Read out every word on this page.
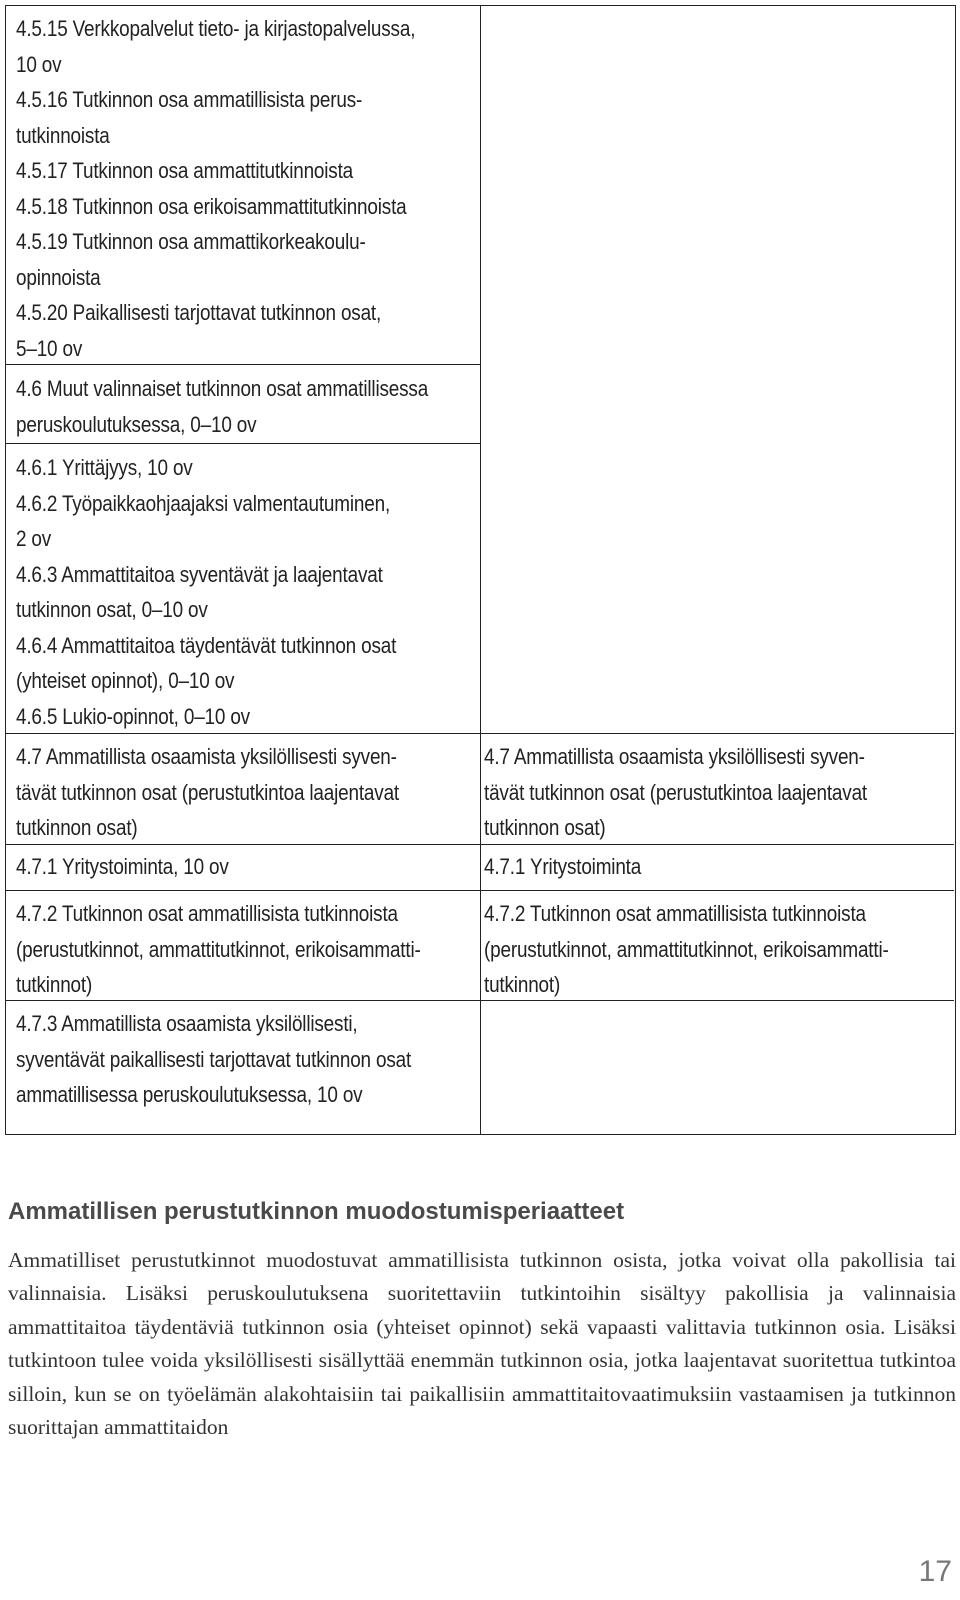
4.5.15 Verkkopalvelut tieto- ja kirjastopalvelussa,

10 ov

4.5.16 Tutkinnon osa ammatillisista perus-

tutkinnoista

4.5.17 Tutkinnon osa ammattitutkinnoista

4.5.18 Tutkinnon osa erikoisammattitutkinnoista

4.5.19 Tutkinnon osa ammattikorkeakoulu-

opinnoista

4.5.20 Paikallisesti tarjottavat tutkinnon osat,

5–10 ov

4.6 Muut valinnaiset tutkinnon osat ammatillisessa

peruskoulutuksessa, 0–10 ov

4.6.1 Yrittäjyys, 10 ov

4.6.2 Työpaikkaohjaajaksi valmentautuminen,

2 ov

4.6.3 Ammattitaitoa syventävät ja laajentavat

tutkinnon osat, 0–10 ov

4.6.4 Ammattitaitoa täydentävät tutkinnon osat

(yhteiset opinnot), 0–10 ov

4.6.5 Lukio-opinnot, 0–10 ov

4.7 Ammatillista osaamista yksilöllisesti syven-

tävät tutkinnon osat (perustutkintoa laajentavat

tutkinnon osat)

4.7.1 Yritystoiminta, 10 ov

4.7.2 Tutkinnon osat ammatillisista tutkinnoista

(perustutkinnot, ammattitutkinnot, erikoisammatti-

tutkinnot)

4.7.3 Ammatillista osaamista yksilöllisesti,

syventävät paikallisesti tarjottavat tutkinnon osat

ammatillisessa peruskoulutuksessa, 10 ov

4.7 Ammatillista osaamista yksilöllisesti syven-

tävät tutkinnon osat (perustutkintoa laajentavat

tutkinnon osat)

4.7.1 Yritystoiminta

4.7.2 Tutkinnon osat ammatillisista tutkinnoista

(perustutkinnot, ammattitutkinnot, erikoisammatti-

tutkinnot)

Ammatillisen perustutkinnon muodostumisperiaatteet
Ammatilliset perustutkinnot muodostuvat ammatillisista tutkinnon osista, jotka voivat olla pakollisia tai valinnaisia. Lisäksi peruskoulutuksena suoritettaviin tutkintoihin sisältyy pakollisia ja valinnaisia ammattitaitoa täydentäviä tutkinnon osia (yhteiset opinnot) sekä vapaasti valittavia tutkinnon osia. Lisäksi tutkintoon tulee voida yksilöllisesti sisällyttää enemmän tutkinnon osia, jotka laajentavat suoritettua tutkintoa silloin, kun se on työelämän alakohtaisiin tai paikallisiin ammattitaitovaatimuksiin vastaamisen ja tutkinnon suorittajan ammattitaidon
17
